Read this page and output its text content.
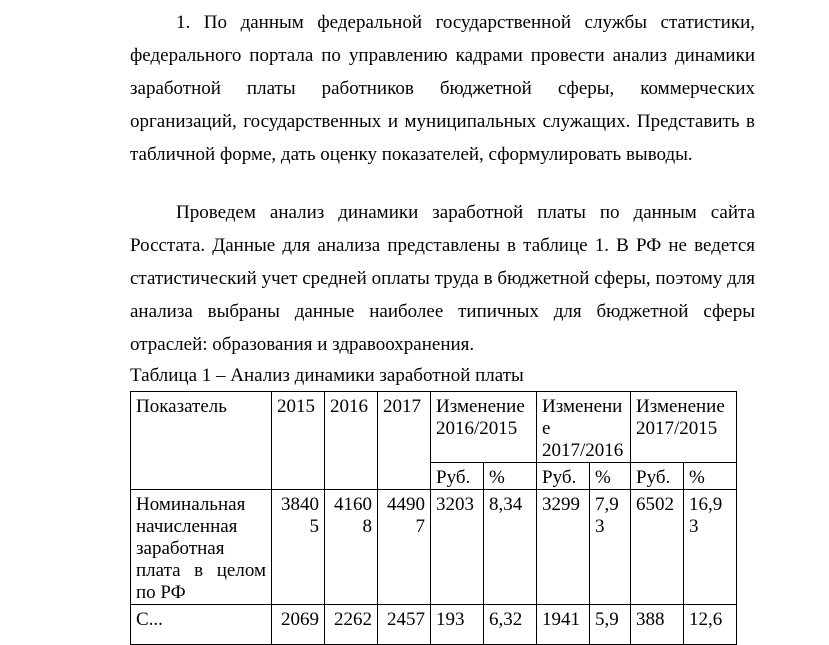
1. По данным федеральной государственной службы статистики, федерального портала по управлению кадрами провести анализ динамики заработной платы работников бюджетной сферы, коммерческих организаций, государственных и муниципальных служащих. Представить в табличной форме, дать оценку показателей, сформулировать выводы.

Проведем анализ динамики заработной платы по данным сайта Росстата. Данные для анализа представлены в таблице 1. В РФ не ведется статистический учет средней оплаты труда в бюджетной сферы, поэтому для анализа выбраны данные наиболее типичных для бюджетной сферы отраслей: образования и здравоохранения.

Таблица 1 – Анализ динамики заработной платы

Показатель	2015	2016	2017	Изменение 2016/2015		Изменение 2017/2016		Изменение 2017/2015	
				Руб.	%	Руб.	%	Руб.	%
Номинальная начисленная заработная плата в целом по РФ	38405	41608	44907	3203	8,34	3299	7,93	6502	16,93
С...	2069	2262	2457	193	6,32	1941	5,9	388	12,6
